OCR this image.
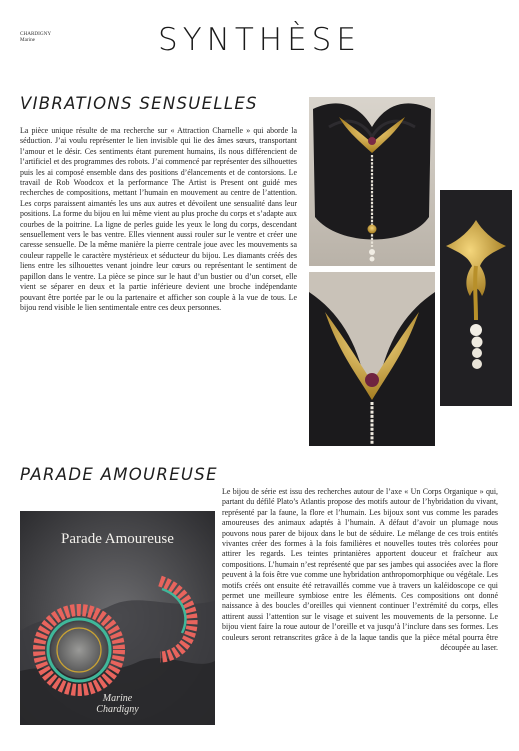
CHARDIGNY
Marine	SYNTHÈSE
VIBRATIONS SENSUELLES
La pièce unique résulte de ma recherche sur « Attraction Charnelle » qui aborde la séduction. J’ai voulu représenter le lien invisible qui lie des âmes sœurs, transportant l’amour et le désir. Ces sentiments étant purement humains, ils nous différencient de l’artificiel et des programmes des robots. J’ai commencé par représenter des silhouettes puis les ai composé ensemble dans des positions d’élancements et de contorsions. Le travail de Rob Woodcox et la performance The Artist is Present ont guidé mes recherches de compositions, mettant l’humain en mouvement au centre de l’attention. Les corps paraissent aimantés les uns aux autres et dévoilent une sensualité dans leur positions. La forme du bijou en lui même vient au plus proche du corps et s’adapte aux courbes de la poitrine. La ligne de perles guide les yeux le long du corps, descendant sensuellement vers le bas ventre. Elles viennent aussi rouler sur le ventre et créer une caresse sensuelle. De la même manière la pierre centrale joue avec les mouvements sa couleur rappelle le caractère mystérieux et séducteur du bijou. Les diamants créés des liens entre les silhouettes venant joindre leur cœurs ou représentant le sentiment de papillon dans le ventre. La pièce se pince sur le haut d’un bustier ou d’un corset, elle vient se séparer en deux et la partie inférieure devient une broche indépendante pouvant être portée par le ou la partenaire et afficher son couple à la vue de tous. Le bijou rend visible le lien sentimentale entre ces deux personnes.
PARADE AMOUREUSE
Le bijou de série est issu des recherches autour de l’axe « Un Corps Organique » qui, partant du défilé Plato’s Atlantis propose des motifs autour de l’hybridation du vivant, représenté par la faune, la flore et l’humain. Les bijoux sont vus comme les parades amoureuses des animaux adaptés à l’humain. A défaut d’avoir un plumage nous pouvons nous parer de bijoux dans le but de séduire. Le mélange de ces trois entités vivantes créer des formes à la fois familières et nouvelles toutes très colorées pour attirer les regards. Les teintes printanières apportent douceur et fraîcheur aux compositions. L’humain n’est représenté que par ses jambes qui associées avec la flore peuvent à la fois être vue comme une hybridation anthropomorphique ou végétale. Les motifs créés ont ensuite été retravaillés comme vue à travers un kaléidoscope ce qui permet une meilleure symbiose entre les éléments. Ces compositions ont donné naissance à des boucles d’oreilles qui viennent continuer l’extrémité du corps, elles attirent aussi l’attention sur le visage et suivent les mouvements de la personne. Le bijou vient faire la roue autour de l’oreille et va jusqu’à l’inclure dans ses formes. Les couleurs seront retranscrites grâce à de la laque tandis que la pièce métal pourra être découpée au laser.
Parade Amoureuse
Marine
Chardigny
